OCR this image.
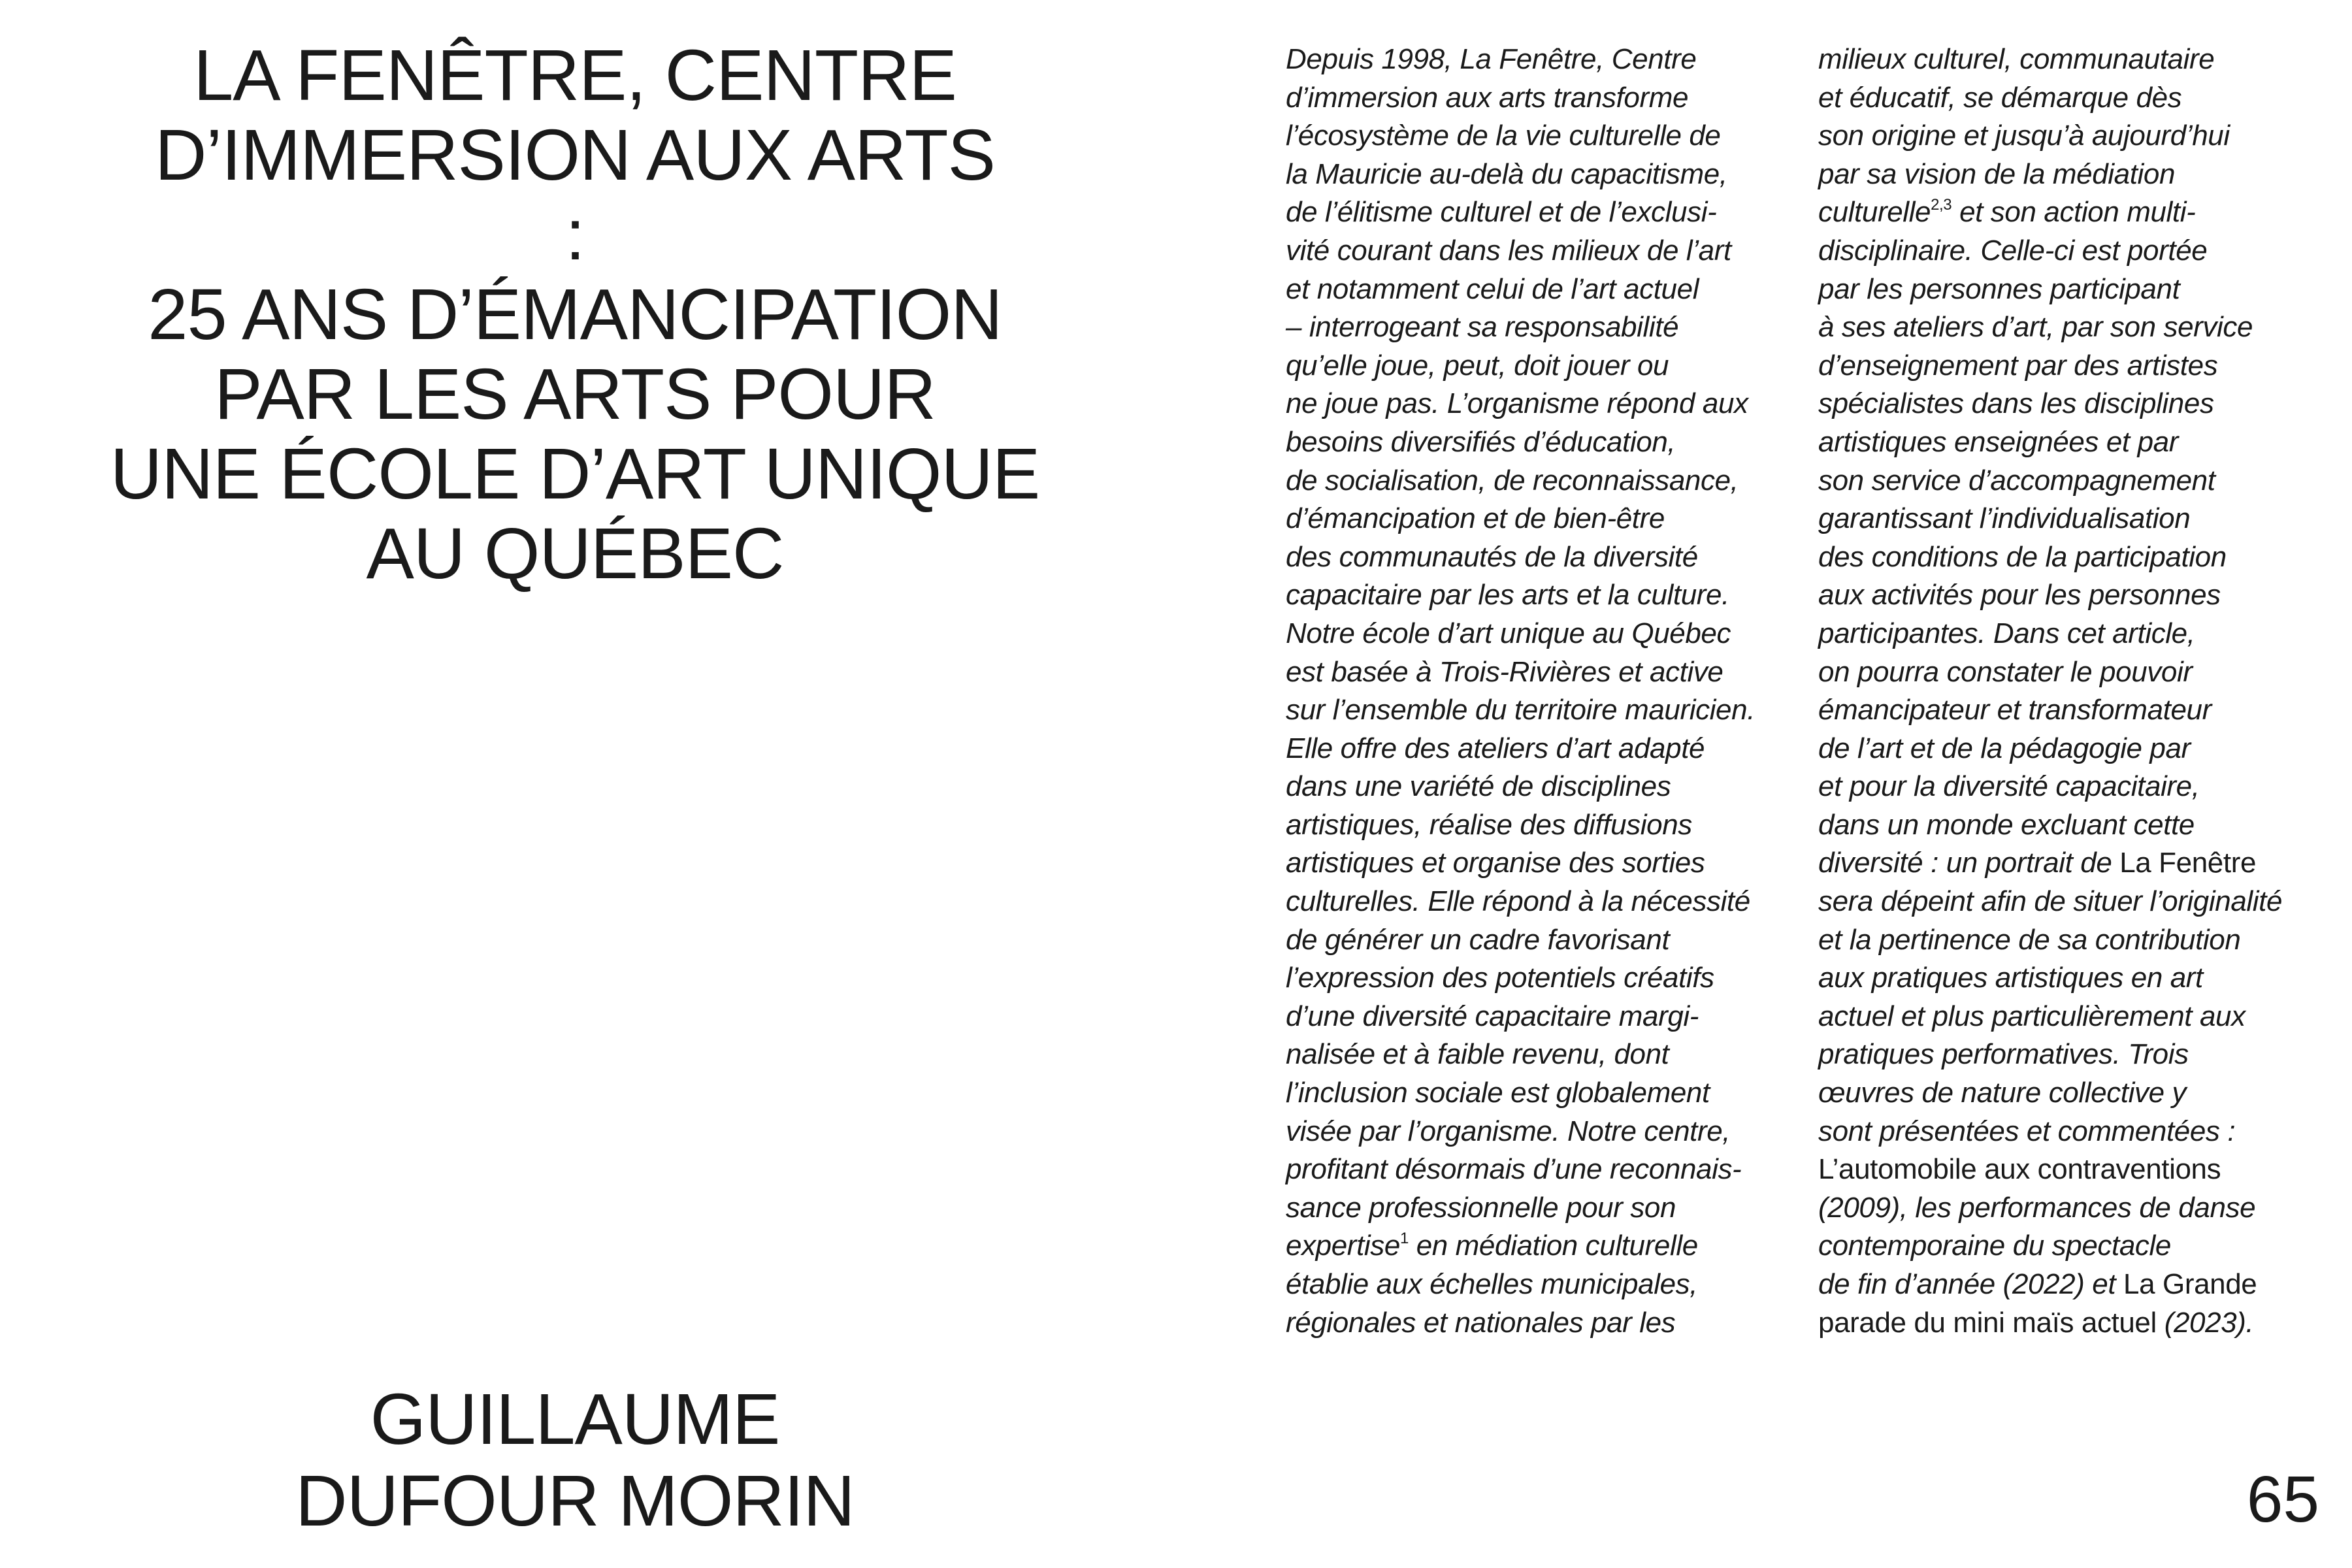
LA FENÊTRE, CENTRE
D’IMMERSION AUX ARTS
:
25 ANS D’ÉMANCIPATION
PAR LES ARTS POUR
UNE ÉCOLE D’ART UNIQUE
AU QUÉBEC
GUILLAUME
DUFOUR MORIN
Depuis 1998, La Fenêtre, Centre
d’immersion aux arts transforme
l’écosystème de la vie culturelle de
la Mauricie au-delà du capacitisme,
de l’élitisme culturel et de l’exclusi-
vité courant dans les milieux de l’art
et notamment celui de l’art actuel
– interrogeant sa responsabilité
qu’elle joue, peut, doit jouer ou
ne joue pas. L’organisme répond aux
besoins diversifiés d’éducation,
de socialisation, de reconnaissance,
d’émancipation et de bien-être
des communautés de la diversité
capacitaire par les arts et la culture.
Notre école d’art unique au Québec
est basée à Trois-Rivières et active
sur l’ensemble du territoire mauricien.
Elle offre des ateliers d’art adapté
dans une variété de disciplines
artistiques, réalise des diffusions
artistiques et organise des sorties
culturelles. Elle répond à la nécessité
de générer un cadre favorisant
l’expression des potentiels créatifs
d’une diversité capacitaire margi-
nalisée et à faible revenu, dont
l’inclusion sociale est globalement
visée par l’organisme. Notre centre,
profitant désormais d’une reconnais-
sance professionnelle pour son
expertise$^1$ en médiation culturelle
établie aux échelles municipales,
régionales et nationales par les
milieux culturel, communautaire
et éducatif, se démarque dès
son origine et jusqu’à aujourd’hui
par sa vision de la médiation
culturelle$^{2,3}$ et son action multi-
disciplinaire. Celle-ci est portée
par les personnes participant
à ses ateliers d’art, par son service
d’enseignement par des artistes
spécialistes dans les disciplines
artistiques enseignées et par
son service d’accompagnement
garantissant l’individualisation
des conditions de la participation
aux activités pour les personnes
participantes. Dans cet article,
on pourra constater le pouvoir
émancipateur et transformateur
de l’art et de la pédagogie par
et pour la diversité capacitaire,
dans un monde excluant cette
diversité : un portrait de La Fenêtre
sera dépeint afin de situer l’originalité
et la pertinence de sa contribution
aux pratiques artistiques en art
actuel et plus particulièrement aux
pratiques performatives. Trois
œuvres de nature collective y
sont présentées et commentées :
L’automobile aux contraventions
(2009), les performances de danse
contemporaine du spectacle
de fin d’année (2022) et La Grande
parade du mini maïs actuel (2023).
65
